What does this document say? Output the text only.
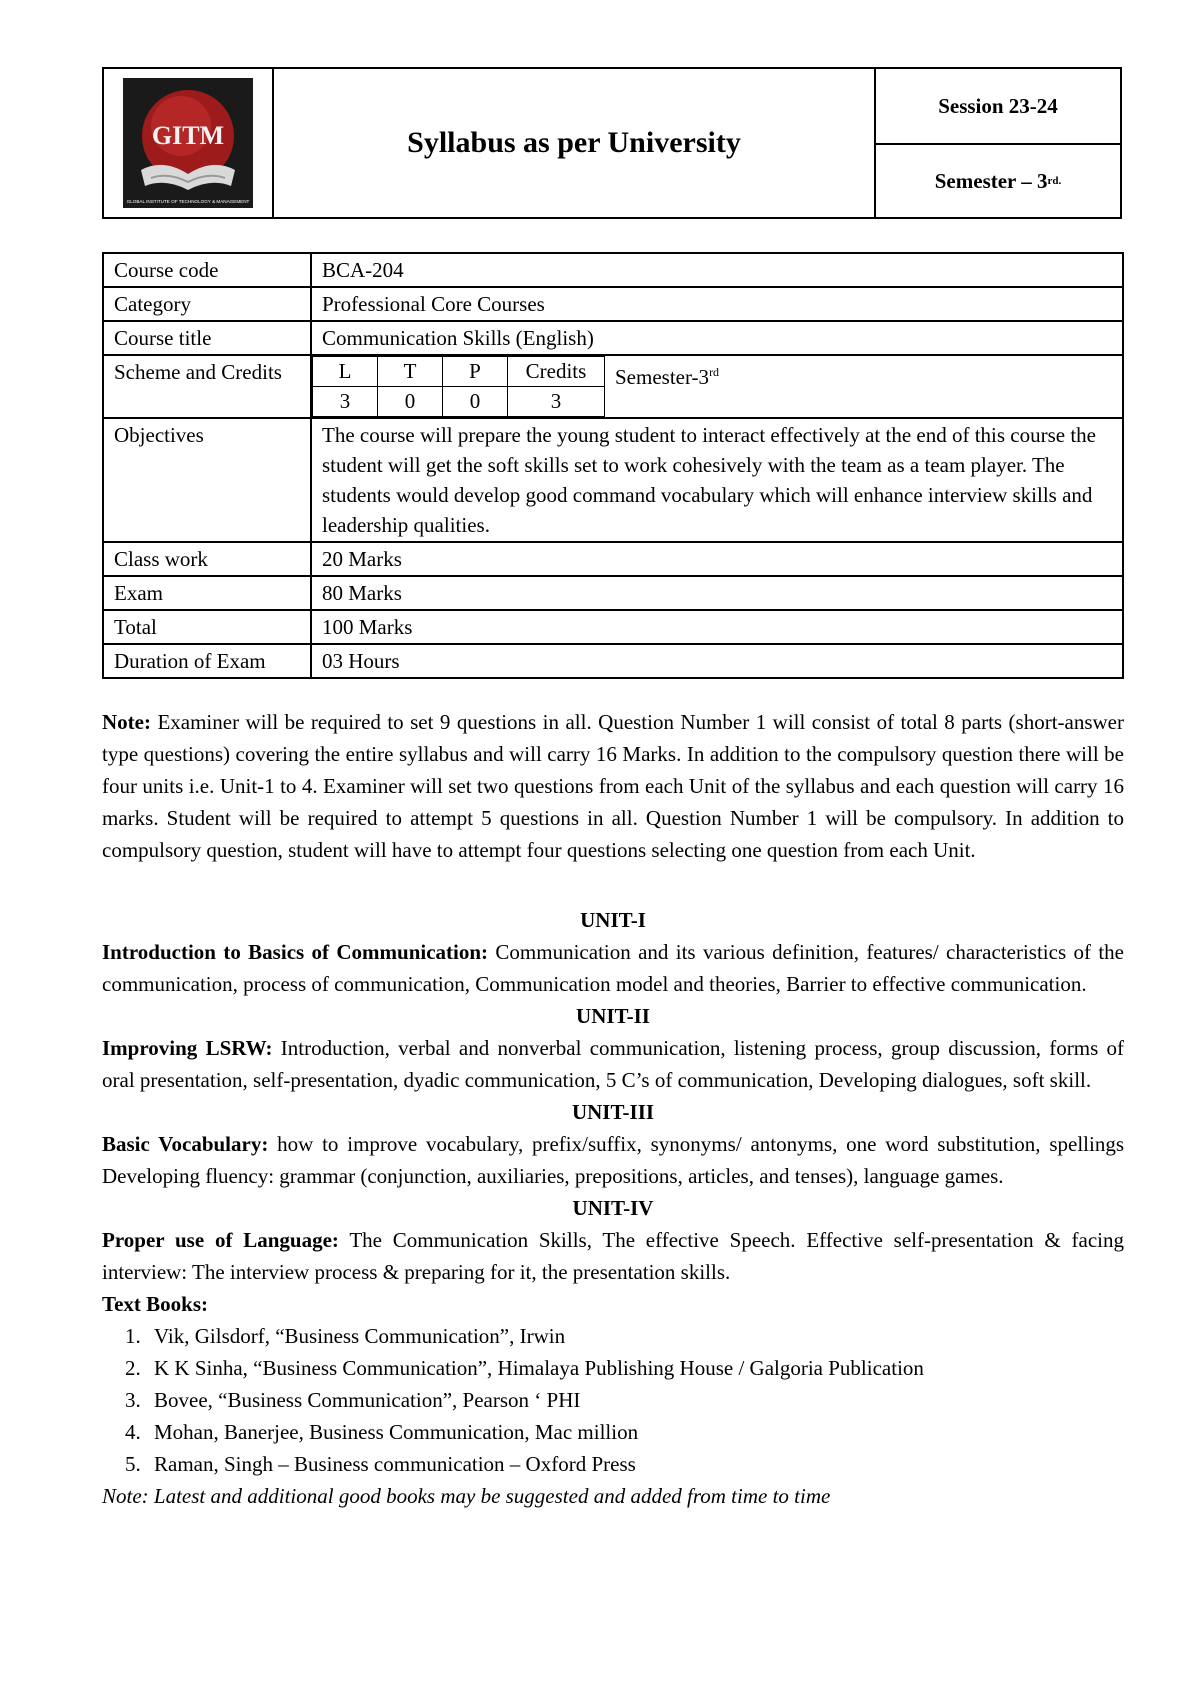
GITM
GLOBAL INSTITUTE OF TECHNOLOGY & MANAGEMENT
Syllabus as per University
Session 23-24
Semester – 3 rd.
Course code	BCA-204
Category	Professional Core Courses
Course title	Communication Skills (English)
Scheme and Credits		L	T	P	Credits
3	0	0	3
Semester-3rd

Objectives	The course will prepare the young student to interact effectively at the end of this course the student will get the soft skills set to work cohesively with the team as a team player. The students would develop good command vocabulary which will enhance interview skills and leadership qualities.
Class work	20 Marks
Exam	80 Marks
Total	100 Marks
Duration of Exam	03 Hours

Note: Examiner will be required to set 9 questions in all. Question Number 1 will consist of total 8 parts (short-answer type questions) covering the entire syllabus and will carry 16 Marks. In addition to the compulsory question there will be four units i.e. Unit-1 to 4. Examiner will set two questions from each Unit of the syllabus and each question will carry 16 marks. Student will be required to attempt 5 questions in all. Question Number 1 will be compulsory. In addition to compulsory question, student will have to attempt four questions selecting one question from each Unit.

UNIT-I

Introduction to Basics of Communication: Communication and its various definition, features/ characteristics of the communication, process of communication, Communication model and theories, Barrier to effective communication.

UNIT-II

Improving LSRW: Introduction, verbal and nonverbal communication, listening process, group discussion, forms of oral presentation, self-presentation, dyadic communication, 5 C’s of communication, Developing dialogues, soft skill.

UNIT-III

Basic Vocabulary: how to improve vocabulary, prefix/suffix, synonyms/ antonyms, one word substitution, spellings Developing fluency: grammar (conjunction, auxiliaries, prepositions, articles, and tenses), language games.

UNIT-IV

Proper use of Language: The Communication Skills, The effective Speech. Effective self-presentation & facing interview: The interview process & preparing for it, the presentation skills.

Text Books:

1. Vik, Gilsdorf, “Business Communication”, Irwin
2. K K Sinha, “Business Communication”, Himalaya Publishing House / Galgoria Publication
3. Bovee, “Business Communication”, Pearson ‘ PHI
4. Mohan, Banerjee, Business Communication, Mac million
5. Raman, Singh – Business communication – Oxford Press

Note: Latest and additional good books may be suggested and added from time to time
